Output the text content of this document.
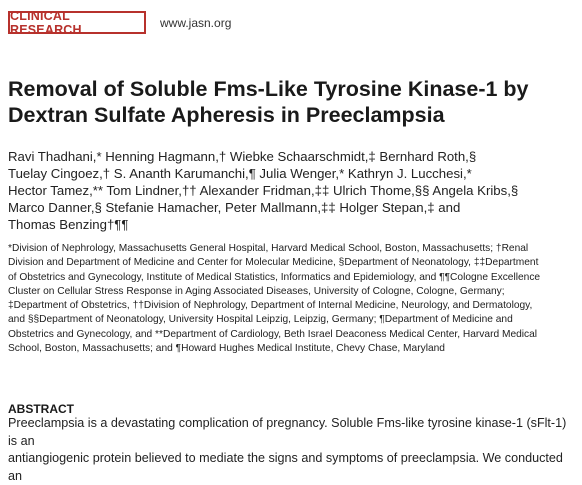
CLINICAL RESEARCH	www.jasn.org
Removal of Soluble Fms-Like Tyrosine Kinase-1 by Dextran Sulfate Apheresis in Preeclampsia

Ravi Thadhani,* Henning Hagmann,† Wiebke Schaarschmidt,‡ Bernhard Roth,§
Tuelay Cingoez,† S. Ananth Karumanchi,¶ Julia Wenger,* Kathryn J. Lucchesi,*
Hector Tamez,** Tom Lindner,†† Alexander Fridman,‡‡ Ulrich Thome,§§ Angela Kribs,§
Marco Danner,§ Stefanie Hamacher, Peter Mallmann,‡‡ Holger Stepan,‡ and
Thomas Benzing†¶¶

*Division of Nephrology, Massachusetts General Hospital, Harvard Medical School, Boston, Massachusetts; †Renal
Division and Department of Medicine and Center for Molecular Medicine, §Department of Neonatology, ‡‡Department
of Obstetrics and Gynecology, Institute of Medical Statistics, Informatics and Epidemiology, and ¶¶Cologne Excellence
Cluster on Cellular Stress Response in Aging Associated Diseases, University of Cologne, Cologne, Germany;
‡Department of Obstetrics, ††Division of Nephrology, Department of Internal Medicine, Neurology, and Dermatology,
and §§Department of Neonatology, University Hospital Leipzig, Leipzig, Germany; ¶Department of Medicine and
Obstetrics and Gynecology, and **Department of Cardiology, Beth Israel Deaconess Medical Center, Harvard Medical
School, Boston, Massachusetts; and ¶Howard Hughes Medical Institute, Chevy Chase, Maryland

ABSTRACT

Preeclampsia is a devastating complication of pregnancy. Soluble Fms-like tyrosine kinase-1 (sFlt-1) is an
antiangiogenic protein believed to mediate the signs and symptoms of preeclampsia. We conducted an
